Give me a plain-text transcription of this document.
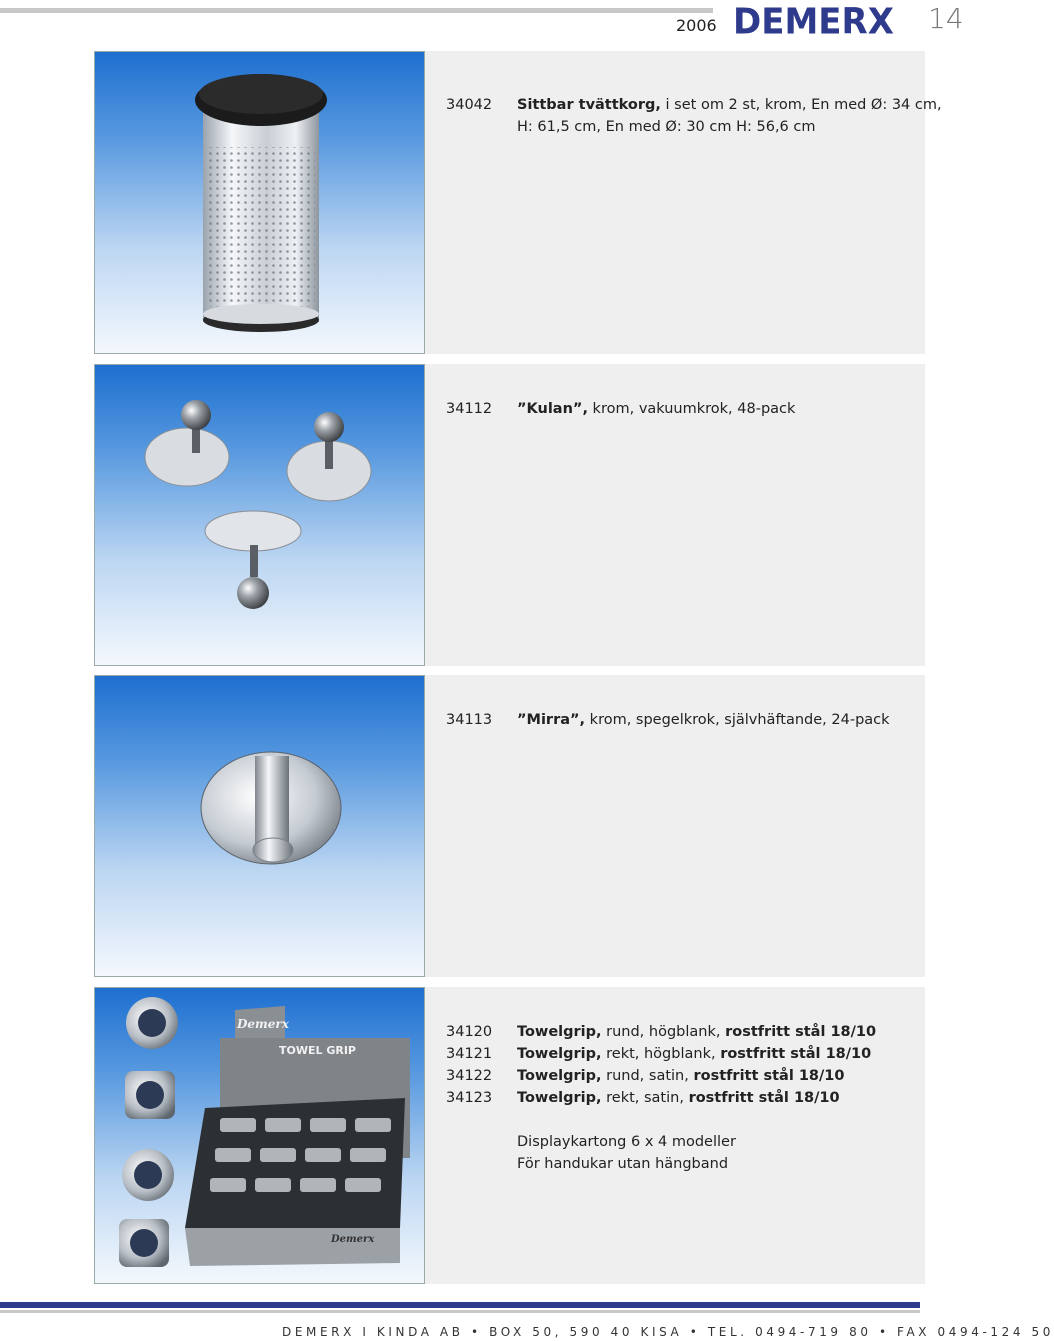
2006 DEMERX 14
34042 Sittbar tvättkorg, i set om 2 st, krom, En med Ø: 34 cm,
H: 61,5 cm, En med Ø: 30 cm H: 56,6 cm
34112 ”Kulan”, krom, vakuumkrok, 48-pack
34113 ”Mirra”, krom, spegelkrok, självhäftande, 24-pack
TOWEL GRIP
Demerx
Demerx
34120 Towelgrip, rund, högblank, rostfritt stål 18/10
34121 Towelgrip, rekt, högblank, rostfritt stål 18/10
34122 Towelgrip, rund, satin, rostfritt stål 18/10
34123 Towelgrip, rekt, satin, rostfritt stål 18/10
Displaykartong 6 x 4 modeller
För handukar utan hängband
DEMERX I KINDA AB • BOX 50, 590 40 KISA • TEL. 0494-719 80 • FAX 0494-124 50
